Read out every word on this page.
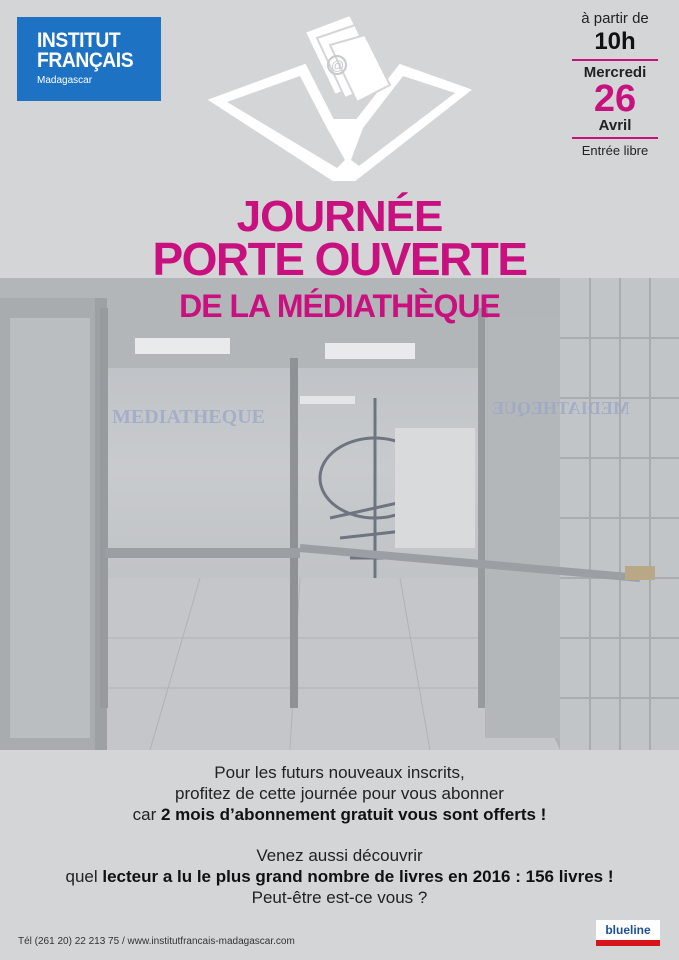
INSTITUT
FRANÇAIS
Madagascar
@
à partir de
10h
Mercredi
26
Avril
Entrée libre
MEDIATHEQUE	MEDIATHEQUE
JOURNÉE
PORTE OUVERTE
DE LA MÉDIATHÈQUE
Pour les futurs nouveaux inscrits,
profitez de cette journée pour vous abonner
car 2 mois d’abonnement gratuit vous sont offerts !
Venez aussi découvrir
quel lecteur a lu le plus grand nombre de livres en 2016 : 156 livres !
Peut-être est-ce vous ?
Tél (261 20) 22 213 75 / www.institutfrancais-madagascar.com
blueline
